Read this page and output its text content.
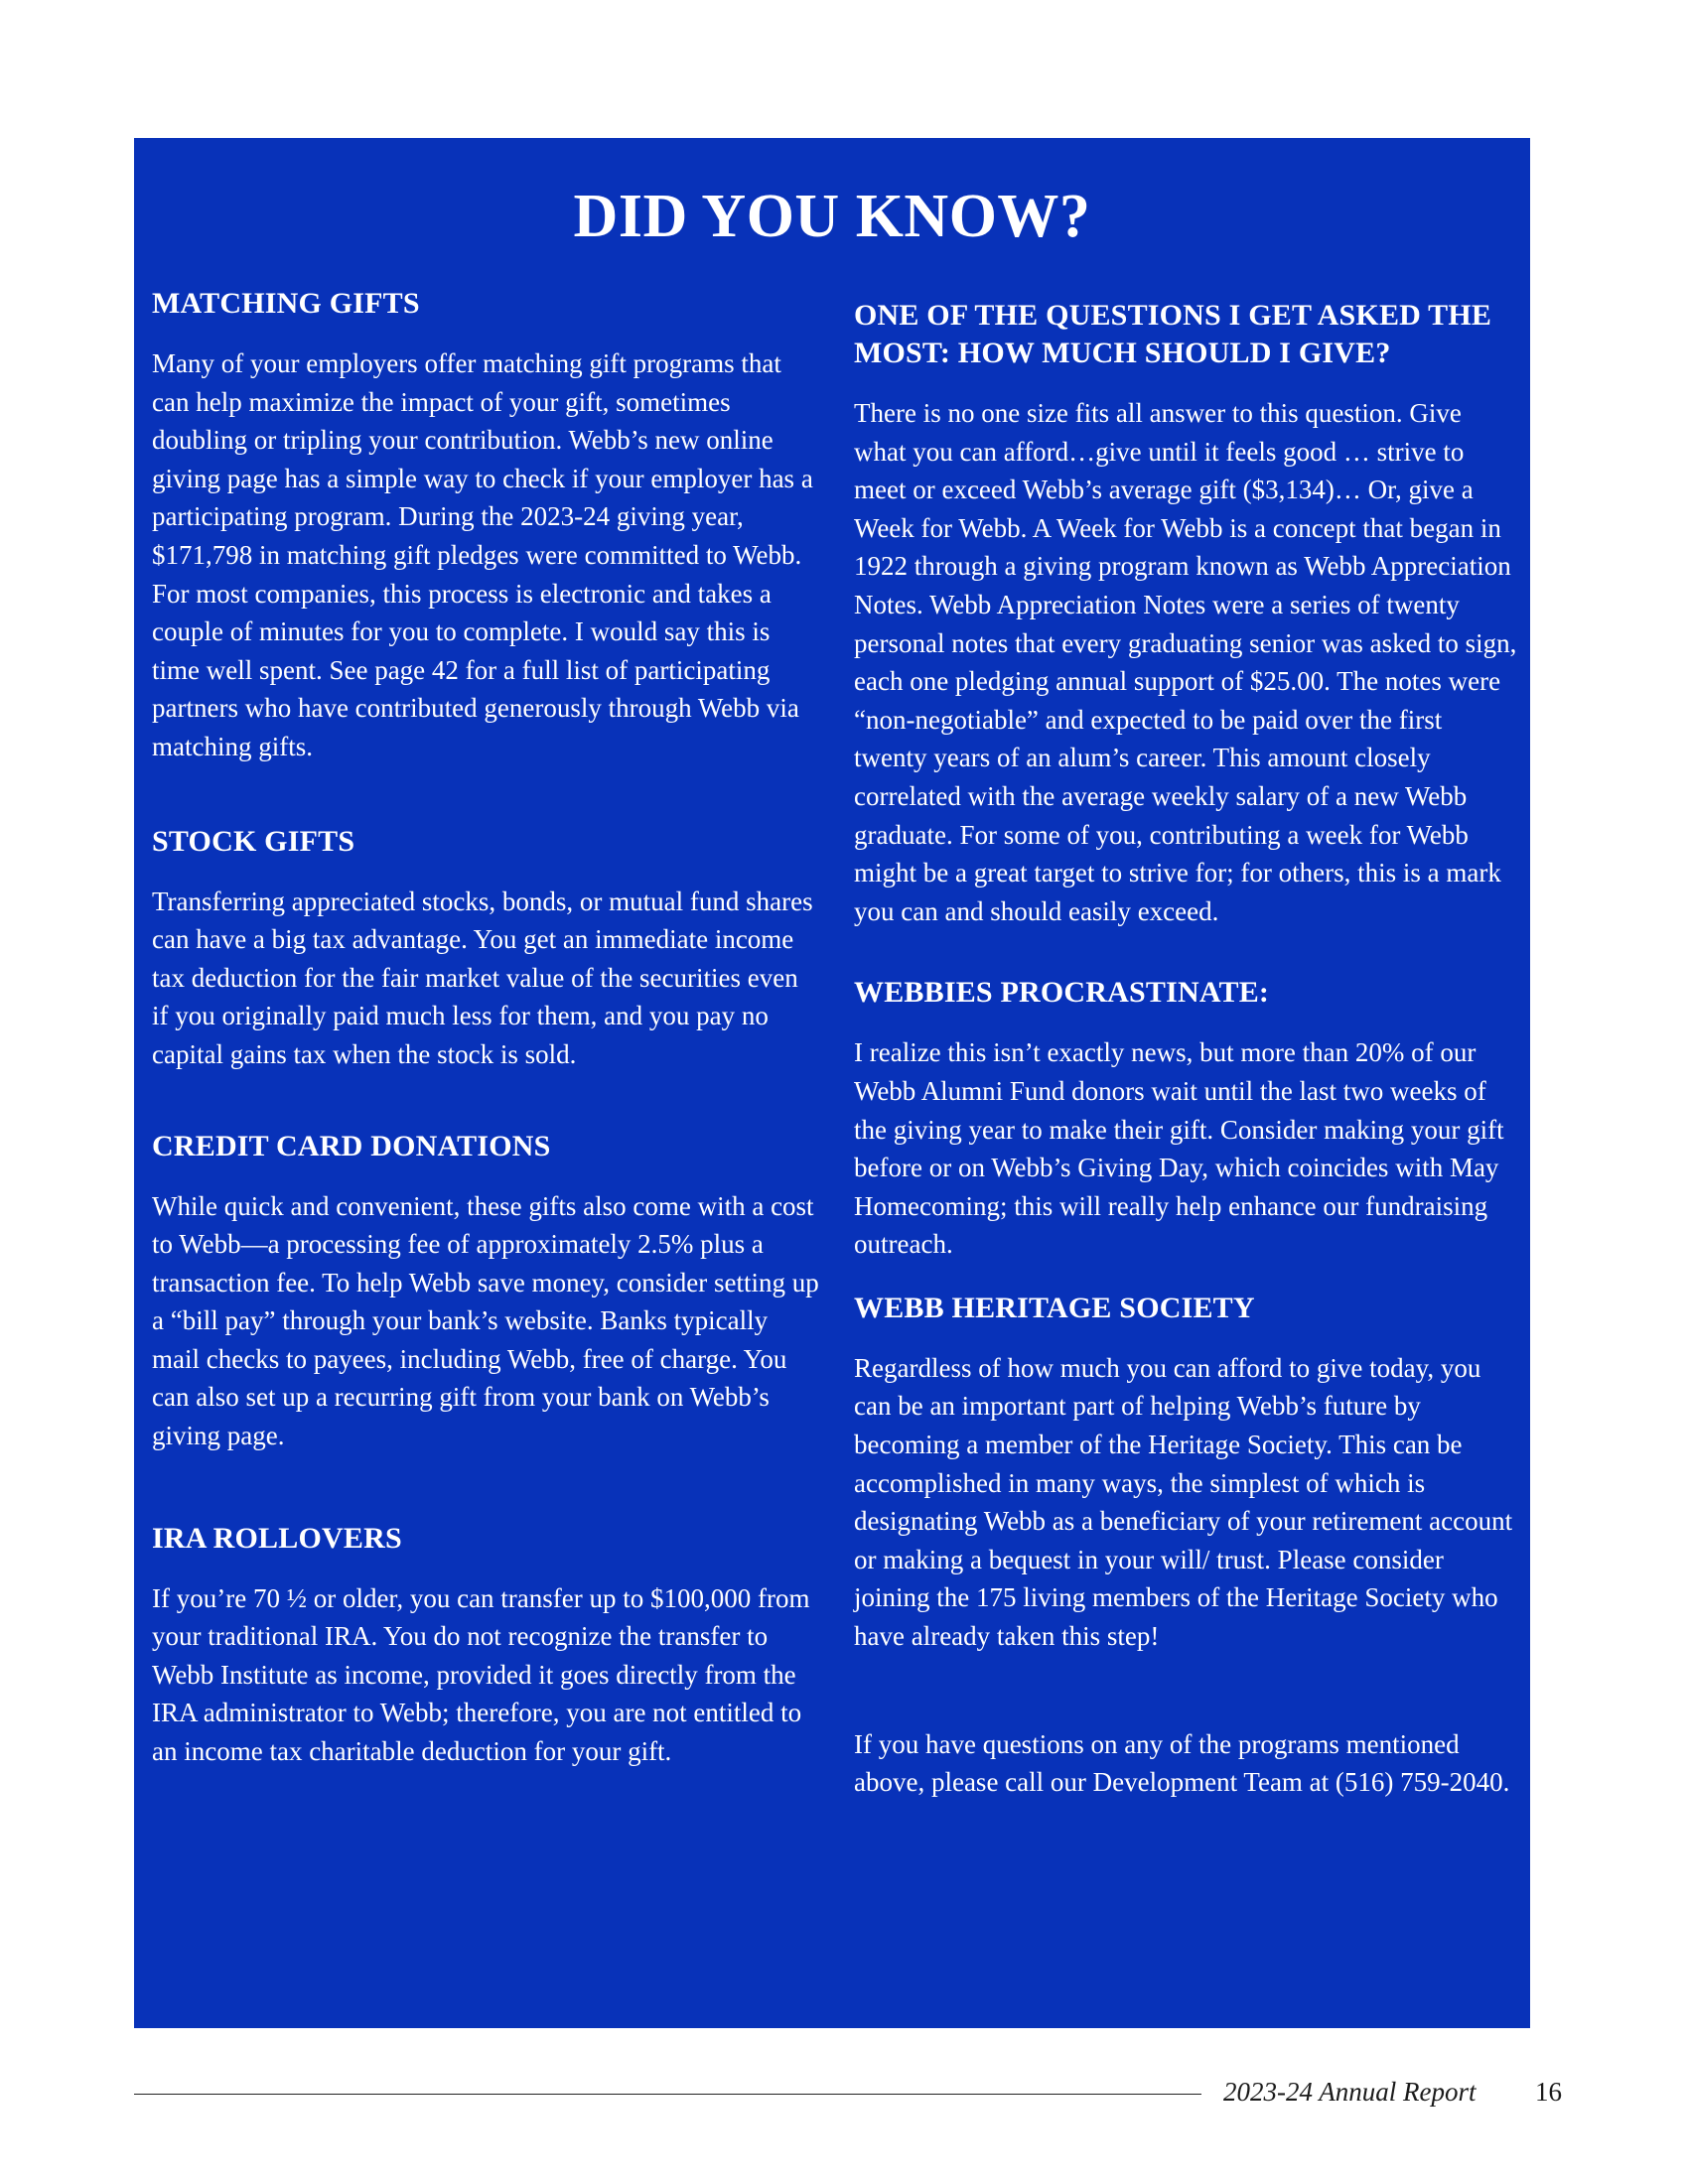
DID YOU KNOW?
MATCHING GIFTS

Many of your employers offer matching gift programs that can help maximize the impact of your gift, sometimes doubling or tripling your contribution. Webb’s new online giving page has a simple way to check if your employer has a participating program. During the 2023-24 giving year, $171,798 in matching gift pledges were committed to Webb. For most companies, this process is electronic and takes a couple of minutes for you to complete. I would say this is time well spent. See page 42 for a full list of participating partners who have contributed generously through Webb via matching gifts.

STOCK GIFTS

Transferring appreciated stocks, bonds, or mutual fund shares can have a big tax advantage. You get an immediate income tax deduction for the fair market value of the securities even if you originally paid much less for them, and you pay no capital gains tax when the stock is sold.

CREDIT CARD DONATIONS

While quick and convenient, these gifts also come with a cost to Webb—a processing fee of approximately 2.5% plus a transaction fee. To help Webb save money, consider setting up a “bill pay” through your bank’s website. Banks typically mail checks to payees, including Webb, free of charge. You can also set up a recurring gift from your bank on Webb’s giving page.

IRA ROLLOVERS

If you’re 70 ½ or older, you can transfer up to $100,000 from your traditional IRA. You do not recognize the transfer to Webb Institute as income, provided it goes directly from the IRA administrator to Webb; therefore, you are not entitled to an income tax charitable deduction for your gift.

ONE OF THE QUESTIONS I GET ASKED THE MOST: HOW MUCH SHOULD I GIVE?

There is no one size fits all answer to this question. Give what you can afford…give until it feels good … strive to meet or exceed Webb’s average gift ($3,134)… Or, give a Week for Webb. A Week for Webb is a concept that began in 1922 through a giving program known as Webb Appreciation Notes. Webb Appreciation Notes were a series of twenty personal notes that every graduating senior was asked to sign, each one pledging annual support of $25.00. The notes were “non-negotiable” and expected to be paid over the first twenty years of an alum’s career. This amount closely correlated with the average weekly salary of a new Webb graduate. For some of you, contributing a week for Webb might be a great target to strive for; for others, this is a mark you can and should easily exceed.

WEBBIES PROCRASTINATE:

I realize this isn’t exactly news, but more than 20% of our Webb Alumni Fund donors wait until the last two weeks of the giving year to make their gift. Consider making your gift before or on Webb’s Giving Day, which coincides with May Homecoming; this will really help enhance our fundraising outreach.

WEBB HERITAGE SOCIETY

Regardless of how much you can afford to give today, you can be an important part of helping Webb’s future by becoming a member of the Heritage Society. This can be accomplished in many ways, the simplest of which is designating Webb as a beneficiary of your retirement account or making a bequest in your will/ trust. Please consider joining the 175 living members of the Heritage Society who have already taken this step!

If you have questions on any of the programs mentioned above, please call our Development Team at (516) 759-2040.

2023-24 Annual Report 16
